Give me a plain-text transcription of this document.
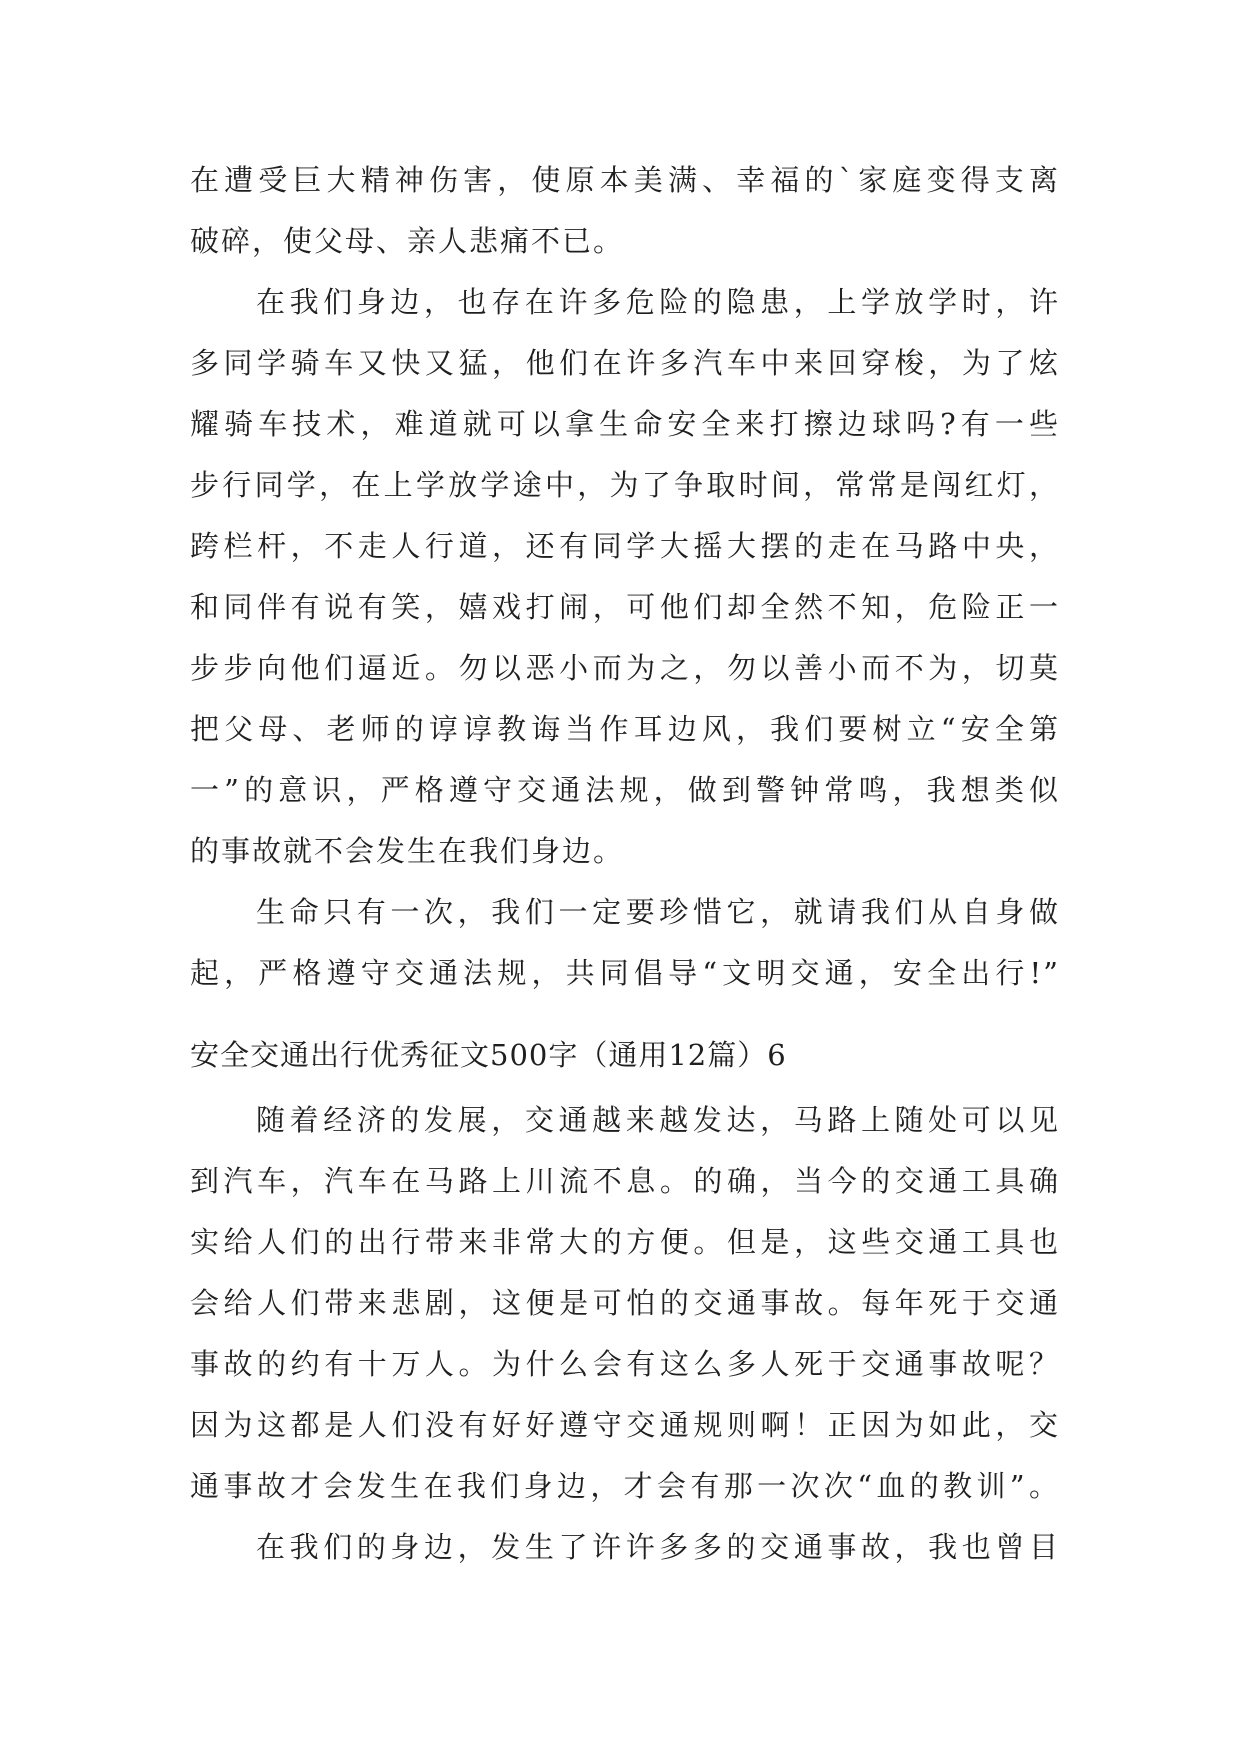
在遭受巨大精神伤害，使原本美满、幸福的`家庭变得支离
破碎，使父母、亲人悲痛不已。
在我们身边，也存在许多危险的隐患，上学放学时，许
多同学骑车又快又猛，他们在许多汽车中来回穿梭，为了炫
耀骑车技术，难道就可以拿生命安全来打擦边球吗?有一些
步行同学，在上学放学途中，为了争取时间，常常是闯红灯，
跨栏杆，不走人行道，还有同学大摇大摆的走在马路中央，
和同伴有说有笑，嬉戏打闹，可他们却全然不知，危险正一
步步向他们逼近。勿以恶小而为之，勿以善小而不为，切莫
把父母、老师的谆谆教诲当作耳边风，我们要树立“安全第
一”的意识，严格遵守交通法规，做到警钟常鸣，我想类似
的事故就不会发生在我们身边。
生命只有一次，我们一定要珍惜它，就请我们从自身做
起，严格遵守交通法规，共同倡导“文明交通，安全出行!”
安全交通出行优秀征文500字（通用12篇）6
随着经济的发展，交通越来越发达，马路上随处可以见
到汽车，汽车在马路上川流不息。的确，当今的交通工具确
实给人们的出行带来非常大的方便。但是，这些交通工具也
会给人们带来悲剧，这便是可怕的交通事故。每年死于交通
事故的约有十万人。为什么会有这么多人死于交通事故呢？
因为这都是人们没有好好遵守交通规则啊！正因为如此，交
通事故才会发生在我们身边，才会有那一次次“血的教训”。
在我们的身边，发生了许许多多的交通事故，我也曾目
